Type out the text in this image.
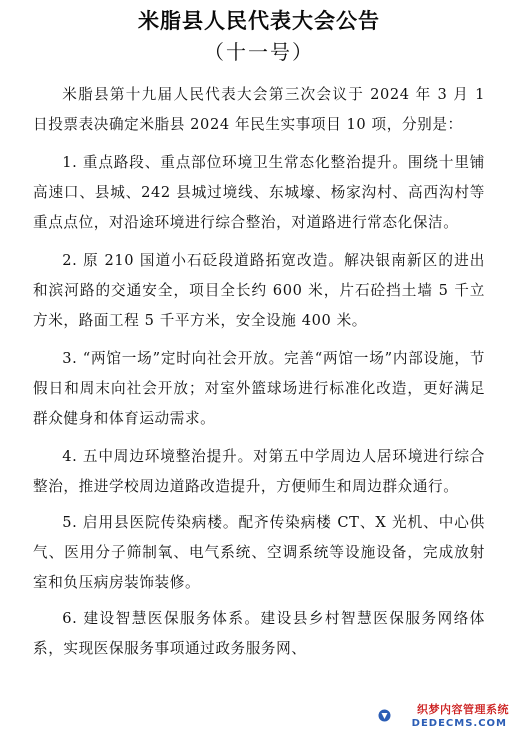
米脂县人民代表大会公告
（十一号）

米脂县第十九届人民代表大会第三次会议于 2024 年 3 月 1 日投票表决确定米脂县 2024 年民生实事项目 10 项，分别是：

1. 重点路段、重点部位环境卫生常态化整治提升。围绕十里铺高速口、县城、242 县城过境线、东城壕、杨家沟村、高西沟村等重点点位，对沿途环境进行综合整治，对道路进行常态化保洁。

2. 原 210 国道小石砭段道路拓宽改造。解决银南新区的进出和滨河路的交通安全，项目全长约 600 米，片石砼挡土墙 5 千立方米，路面工程 5 千平方米，安全设施 400 米。

3. “两馆一场”定时向社会开放。完善“两馆一场”内部设施，节假日和周末向社会开放；对室外篮球场进行标准化改造，更好满足群众健身和体育运动需求。

4. 五中周边环境整治提升。对第五中学周边人居环境进行综合整治，推进学校周边道路改造提升，方便师生和周边群众通行。

5. 启用县医院传染病楼。配齐传染病楼 CT、X 光机、中心供气、医用分子筛制氧、电气系统、空调系统等设施设备，完成放射室和负压病房装饰装修。

6. 建设智慧医保服务体系。建设县乡村智慧医保服务网络体系，实现医保服务事项通过政务服务网、

织梦内容管理系统
DEDECMS.COM
